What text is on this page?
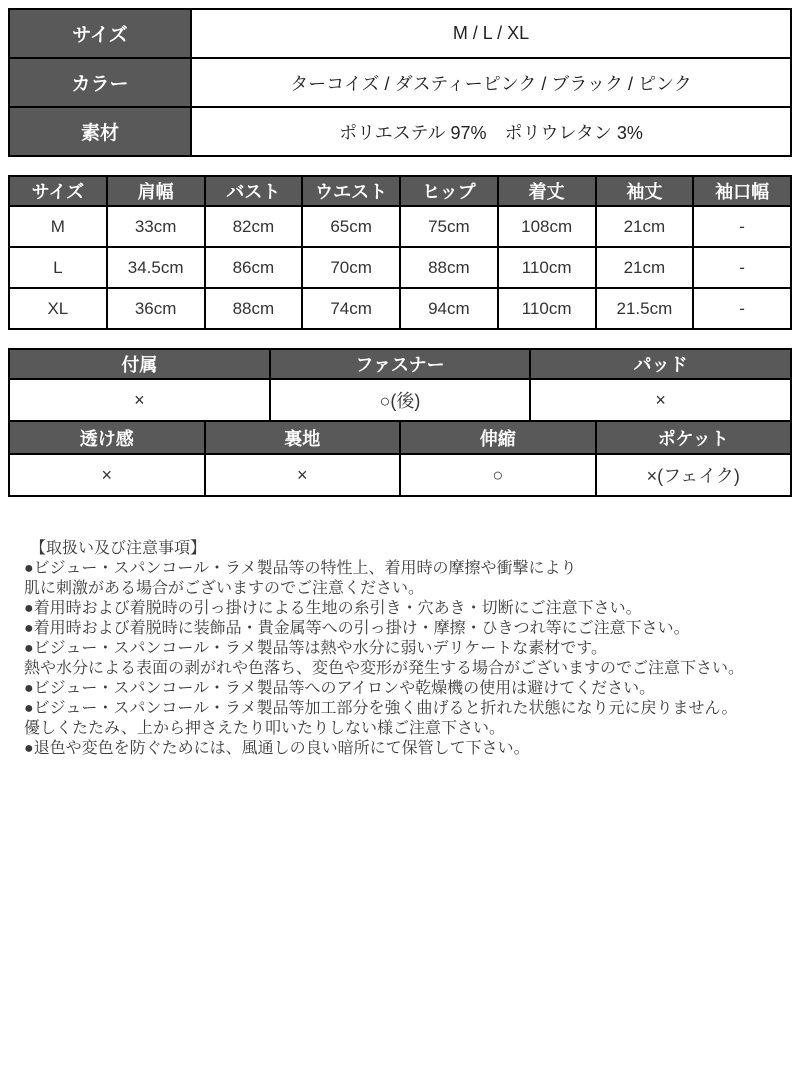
サイズ	M / L / XL
カラー	ターコイズ / ダスティーピンク / ブラック / ピンク
素材	ポリエステル 97%　ポリウレタン 3%
サイズ	肩幅	バスト	ウエスト	ヒップ	着丈	袖丈	袖口幅
M	33cm	82cm	65cm	75cm	108cm	21cm	-
L	34.5cm	86cm	70cm	88cm	110cm	21cm	-
XL	36cm	88cm	74cm	94cm	110cm	21.5cm	-
付属	ファスナー	パッド
×	○(後)	×
透け感	裏地	伸縮	ポケット
×	×	○	×(フェイク)
【取扱い及び注意事項】
●ビジュー・スパンコール・ラメ製品等の特性上、着用時の摩擦や衝撃により
肌に刺激がある場合がございますのでご注意ください。
●着用時および着脱時の引っ掛けによる生地の糸引き・穴あき・切断にご注意下さい。
●着用時および着脱時に装飾品・貴金属等への引っ掛け・摩擦・ひきつれ等にご注意下さい。
●ビジュー・スパンコール・ラメ製品等は熱や水分に弱いデリケートな素材です。
熱や水分による表面の剥がれや色落ち、変色や変形が発生する場合がございますのでご注意下さい。
●ビジュー・スパンコール・ラメ製品等へのアイロンや乾燥機の使用は避けてください。
●ビジュー・スパンコール・ラメ製品等加工部分を強く曲げると折れた状態になり元に戻りません。
優しくたたみ、上から押さえたり叩いたりしない様ご注意下さい。
●退色や変色を防ぐためには、風通しの良い暗所にて保管して下さい。
